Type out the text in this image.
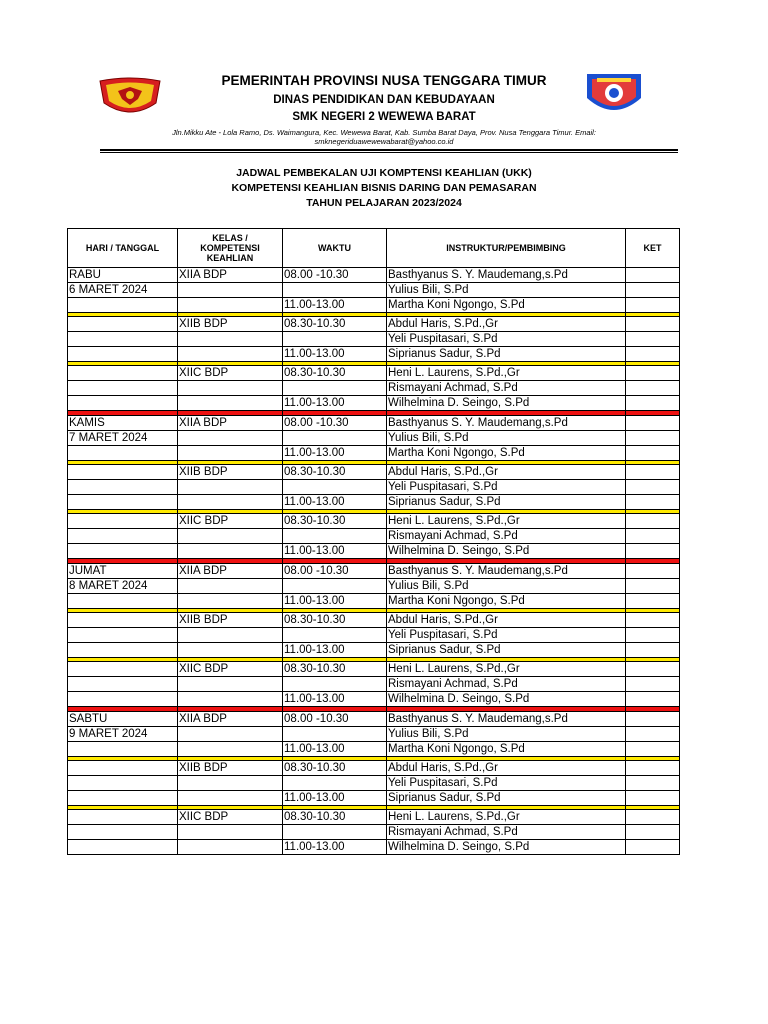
PEMERINTAH PROVINSI NUSA TENGGARA TIMUR
DINAS PENDIDIKAN DAN KEBUDAYAAN
SMK NEGERI 2 WEWEWA BARAT
Jln.Mikku Ate - Lola Ramo, Ds. Waimangura, Kec. Wewewa Barat, Kab. Sumba Barat Daya, Prov. Nusa Tenggara Timur. Email:
smknegeriduawewewabarat@yahoo.co.id
JADWAL PEMBEKALAN UJI KOMPTENSI KEAHLIAN (UKK)
KOMPETENSI KEAHLIAN BISNIS DARING DAN PEMASARAN
TAHUN PELAJARAN 2023/2024
HARI / TANGGAL	KELAS /
KOMPETENSI
KEAHLIAN	WAKTU	INSTRUKTUR/PEMBIMBING	KET
RABU	XIIA BDP	08.00 -10.30	Basthyanus S. Y. Maudemang,s.Pd	
6 MARET 2024			Yulius Bili, S.Pd	
		11.00-13.00	Martha Koni Ngongo, S.Pd	

	XIIB BDP	08.30-10.30	Abdul Haris, S.Pd.,Gr	
			Yeli Puspitasari, S.Pd	
		11.00-13.00	Siprianus Sadur, S.Pd	

	XIIC BDP	08.30-10.30	Heni L. Laurens, S.Pd.,Gr	
			Rismayani Achmad, S.Pd	
		11.00-13.00	Wilhelmina D. Seingo, S.Pd	

KAMIS	XIIA BDP	08.00 -10.30	Basthyanus S. Y. Maudemang,s.Pd	
7 MARET 2024			Yulius Bili, S.Pd	
		11.00-13.00	Martha Koni Ngongo, S.Pd	

	XIIB BDP	08.30-10.30	Abdul Haris, S.Pd.,Gr	
			Yeli Puspitasari, S.Pd	
		11.00-13.00	Siprianus Sadur, S.Pd	

	XIIC BDP	08.30-10.30	Heni L. Laurens, S.Pd.,Gr	
			Rismayani Achmad, S.Pd	
		11.00-13.00	Wilhelmina D. Seingo, S.Pd	

JUMAT	XIIA BDP	08.00 -10.30	Basthyanus S. Y. Maudemang,s.Pd	
8 MARET 2024			Yulius Bili, S.Pd	
		11.00-13.00	Martha Koni Ngongo, S.Pd	

	XIIB BDP	08.30-10.30	Abdul Haris, S.Pd.,Gr	
			Yeli Puspitasari, S.Pd	
		11.00-13.00	Siprianus Sadur, S.Pd	

	XIIC BDP	08.30-10.30	Heni L. Laurens, S.Pd.,Gr	
			Rismayani Achmad, S.Pd	
		11.00-13.00	Wilhelmina D. Seingo, S.Pd	

SABTU	XIIA BDP	08.00 -10.30	Basthyanus S. Y. Maudemang,s.Pd	
9 MARET 2024			Yulius Bili, S.Pd	
		11.00-13.00	Martha Koni Ngongo, S.Pd	

	XIIB BDP	08.30-10.30	Abdul Haris, S.Pd.,Gr	
			Yeli Puspitasari, S.Pd	
		11.00-13.00	Siprianus Sadur, S.Pd	

	XIIC BDP	08.30-10.30	Heni L. Laurens, S.Pd.,Gr	
			Rismayani Achmad, S.Pd	
		11.00-13.00	Wilhelmina D. Seingo, S.Pd	
